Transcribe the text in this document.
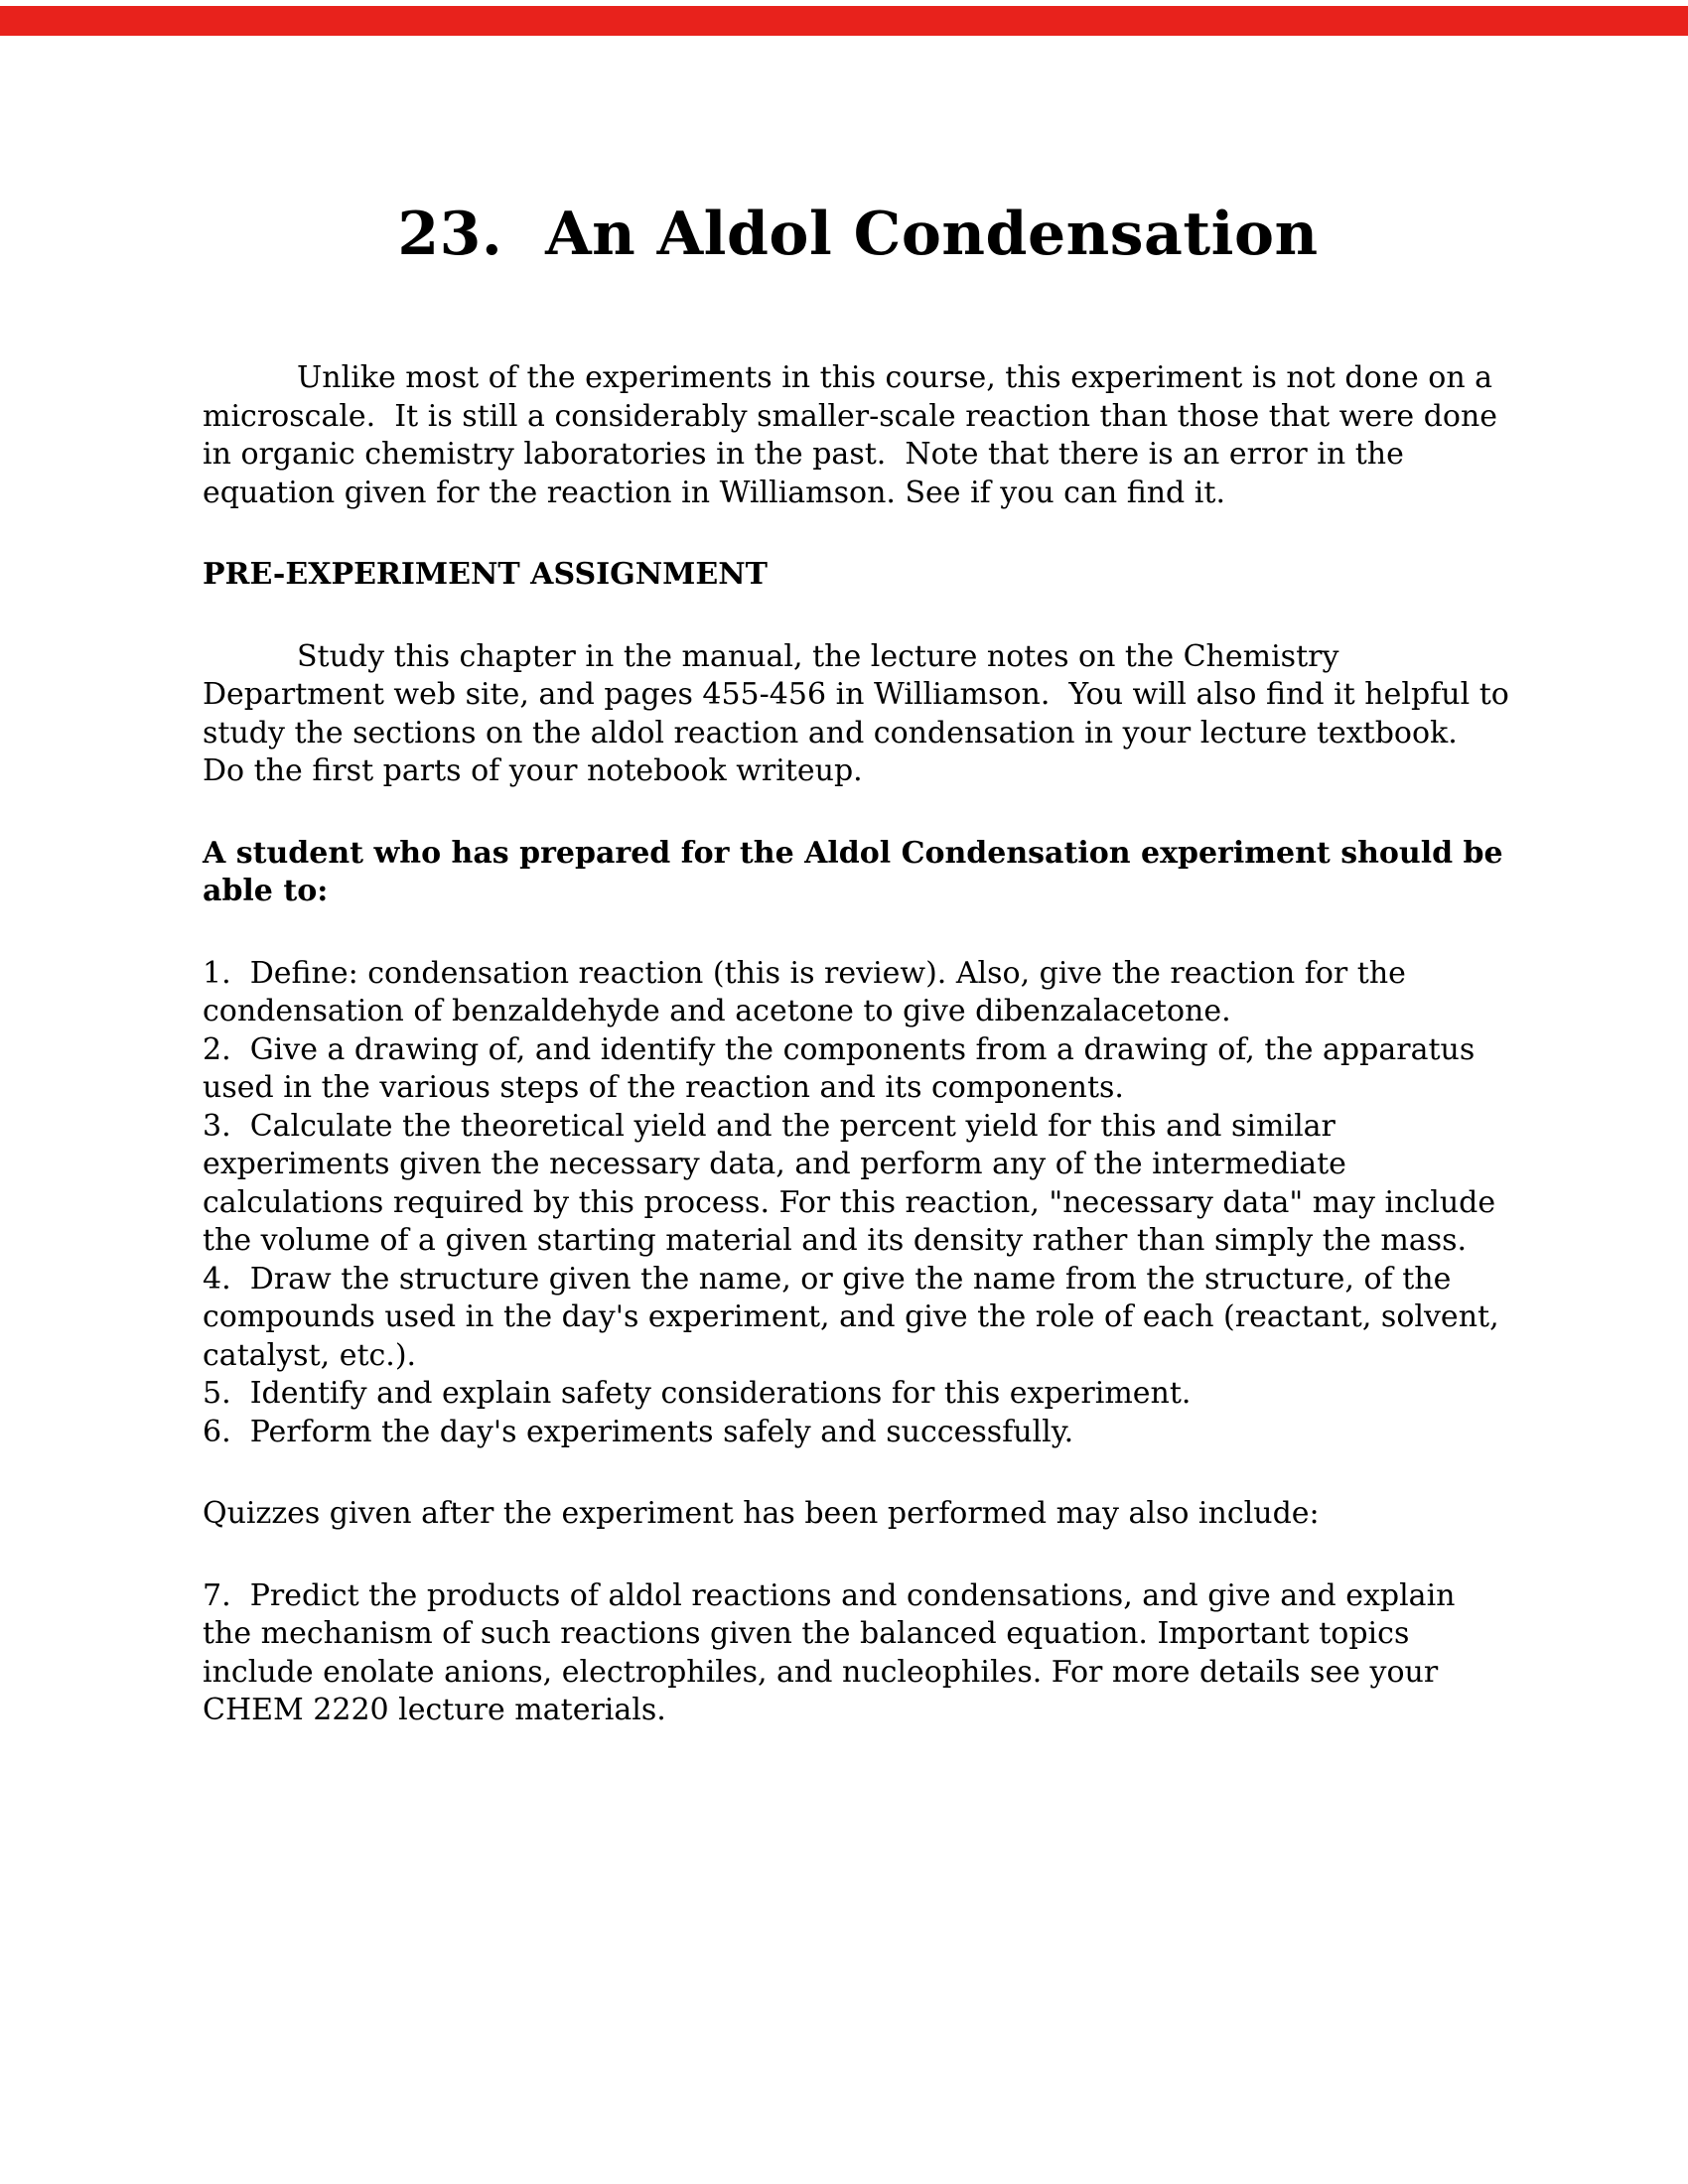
23.  An Aldol Condensation

Unlike most of the experiments in this course, this experiment is not done on a microscale.  It is still a considerably smaller-scale reaction than those that were done in organic chemistry laboratories in the past.  Note that there is an error in the equation given for the reaction in Williamson. See if you can find it.

PRE-EXPERIMENT ASSIGNMENT

Study this chapter in the manual, the lecture notes on the Chemistry Department web site, and pages 455-456 in Williamson.  You will also find it helpful to study the sections on the aldol reaction and condensation in your lecture textbook.  Do the first parts of your notebook writeup.

A student who has prepared for the Aldol Condensation experiment should be able to:

1.  Define: condensation reaction (this is review). Also, give the reaction for the condensation of benzaldehyde and acetone to give dibenzalacetone.

2.  Give a drawing of, and identify the components from a drawing of, the apparatus used in the various steps of the reaction and its components.

3.  Calculate the theoretical yield and the percent yield for this and similar experiments given the necessary data, and perform any of the intermediate calculations required by this process. For this reaction, "necessary data" may include the volume of a given starting material and its density rather than simply the mass.

4.  Draw the structure given the name, or give the name from the structure, of the compounds used in the day's experiment, and give the role of each (reactant, solvent, catalyst, etc.).

5.  Identify and explain safety considerations for this experiment.

6.  Perform the day's experiments safely and successfully.

Quizzes given after the experiment has been performed may also include:

7.  Predict the products of aldol reactions and condensations, and give and explain the mechanism of such reactions given the balanced equation. Important topics include enolate anions, electrophiles, and nucleophiles. For more details see your CHEM 2220 lecture materials.
